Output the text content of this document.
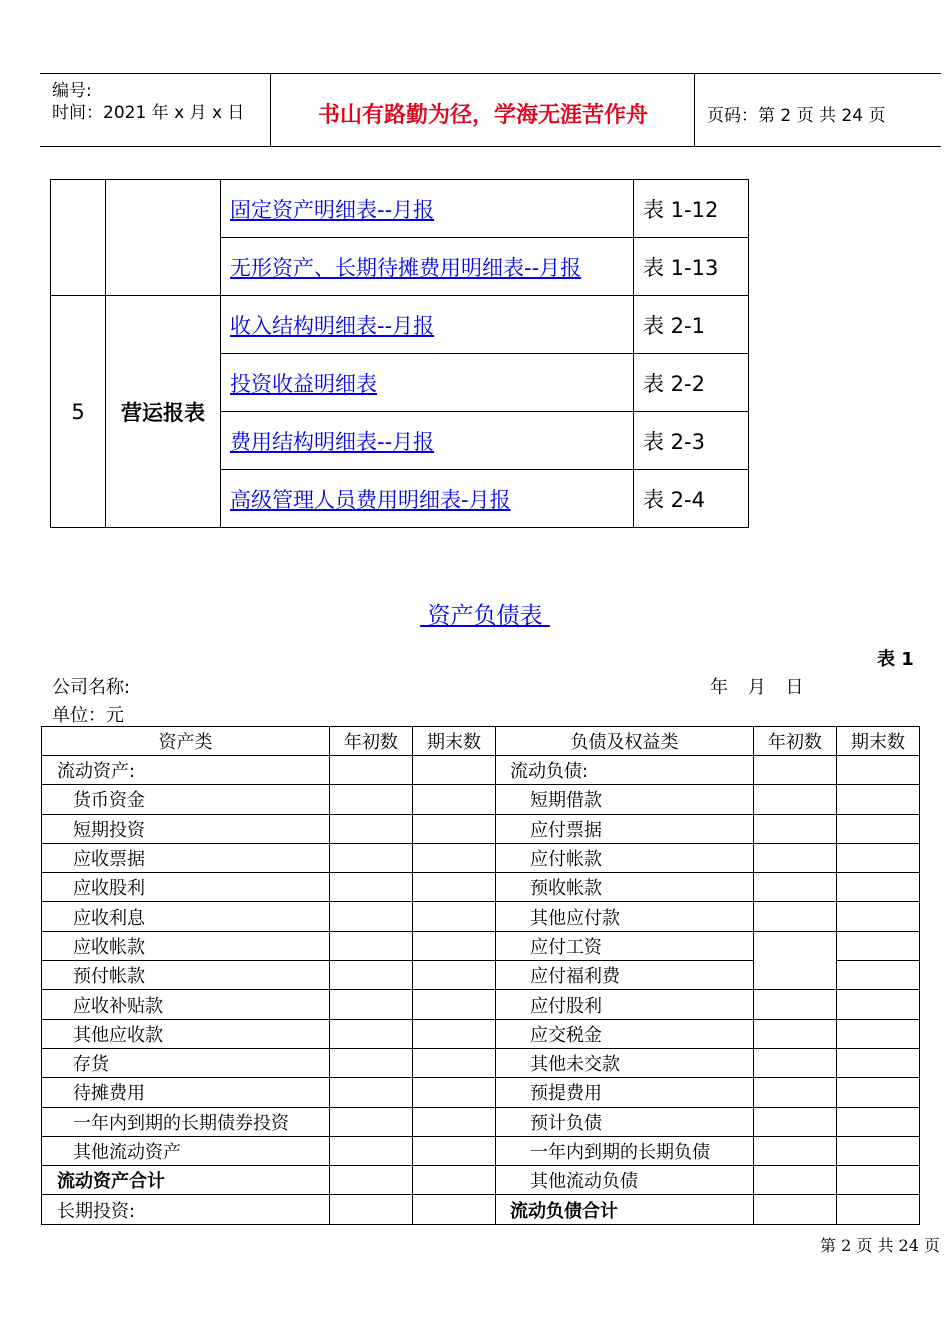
编号:
时间：2021 年 x 月 x 日	书山有路勤为径，学海无涯苦作舟	页码：第 2 页 共 24 页
		固定资产明细表--月报	表 1-12
		无形资产、长期待摊费用明细表--月报	表 1-13
5	营运报表	收入结构明细表--月报	表 2-1
		投资收益明细表	表 2-2
		费用结构明细表--月报	表 2-3
		高级管理人员费用明细表-月报	表 2-4
资产负债表
表 1
公司名称:	年 月 日
单位：元
资产类	年初数	期末数	负债及权益类	年初数	期末数
流动资产:			流动负债:		
货币资金			短期借款		
短期投资			应付票据		
应收票据			应付帐款		
应收股利			预收帐款		
应收利息			其他应付款		
应收帐款			应付工资		
预付帐款			应付福利费		
应收补贴款			应付股利		
其他应收款			应交税金		
存货			其他未交款		
待摊费用			预提费用		
一年内到期的长期债券投资			预计负债		
其他流动资产			一年内到期的长期负债		
流动资产合计			其他流动负债		
长期投资:			流动负债合计		
第 2 页 共 24 页
